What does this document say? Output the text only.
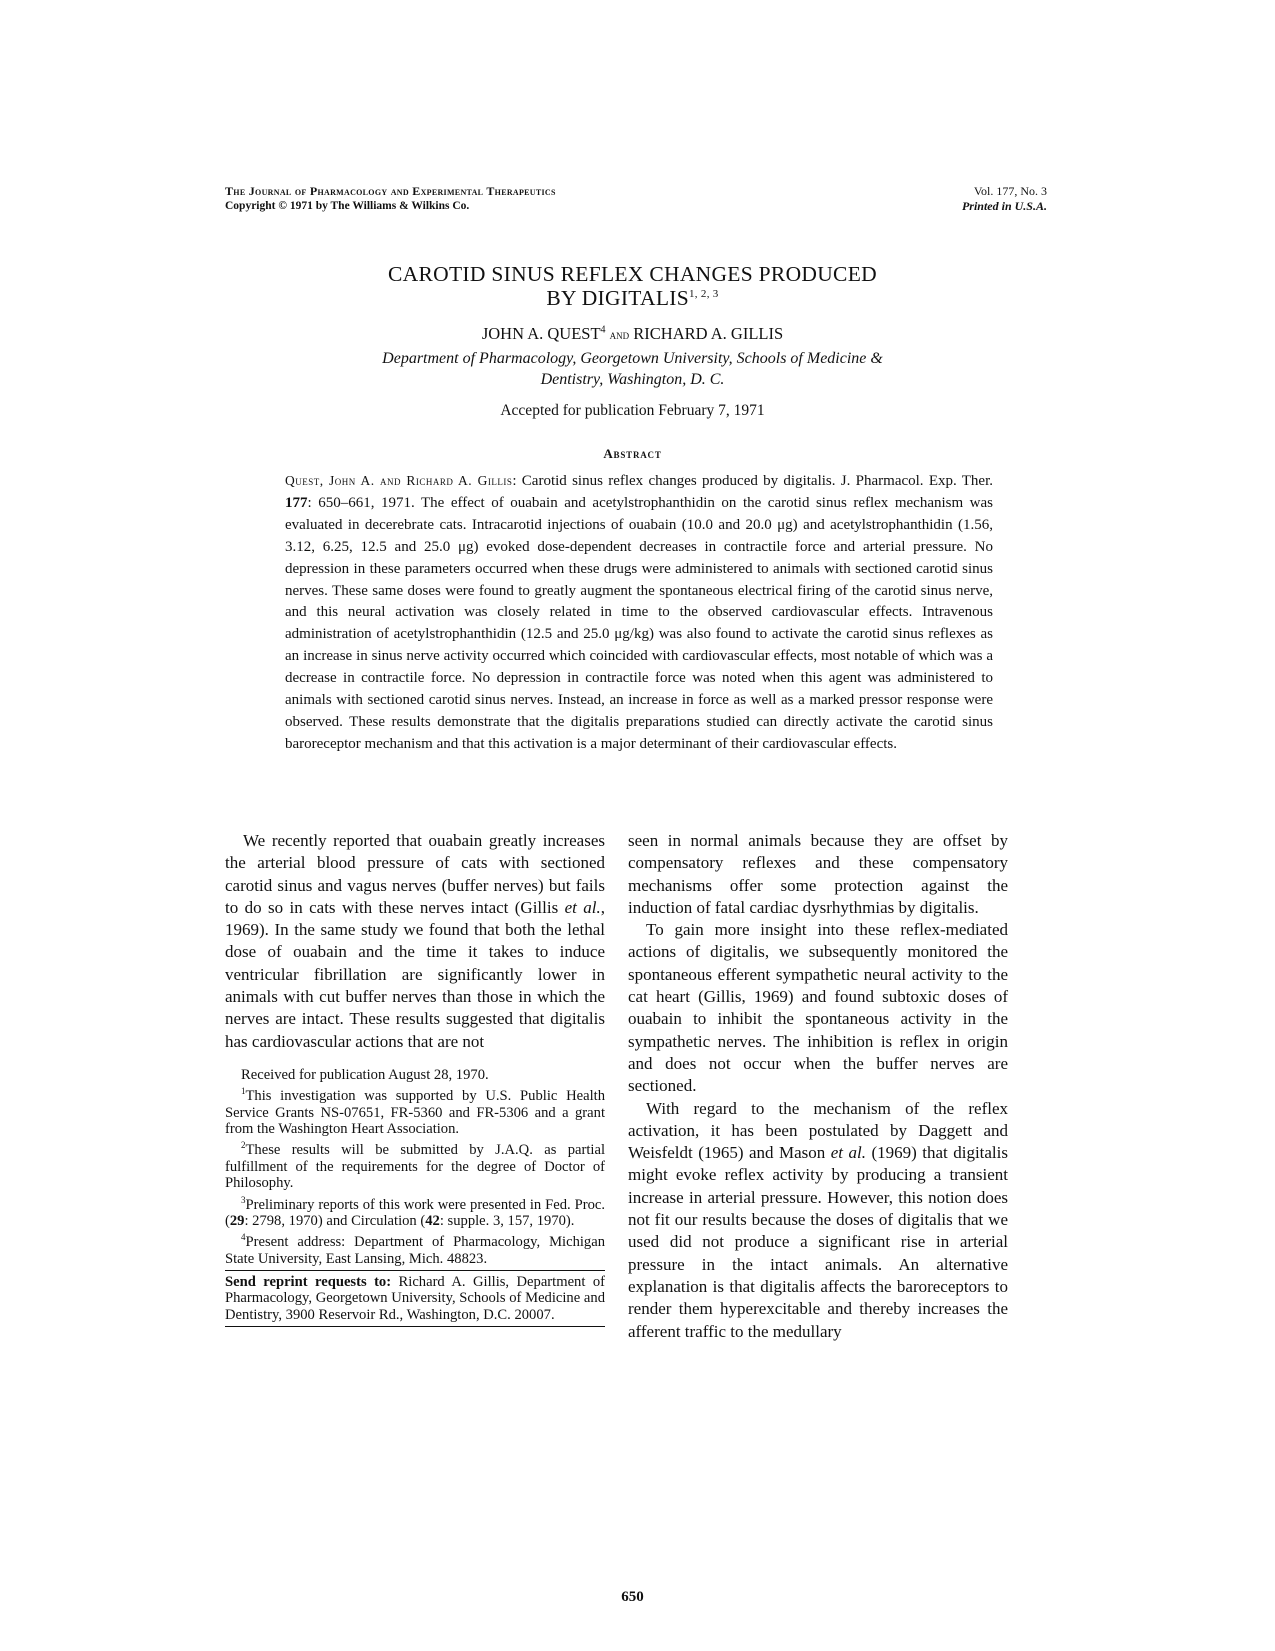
The Journal of Pharmacology and Experimental Therapeutics
Copyright © 1971 by The Williams & Wilkins Co.
Vol. 177, No. 3
Printed in U.S.A.
CAROTID SINUS REFLEX CHANGES PRODUCED
BY DIGITALIS$^{1, 2, 3}$
JOHN A. QUEST$^4$ and RICHARD A. GILLIS
Department of Pharmacology, Georgetown University, Schools of Medicine & Dentistry, Washington, D. C.
Accepted for publication February 7, 1971
Abstract
Quest, John A. and Richard A. Gillis: Carotid sinus reflex changes produced by digitalis. J. Pharmacol. Exp. Ther. 177: 650–661, 1971. The effect of ouabain and acetylstrophanthidin on the carotid sinus reflex mechanism was evaluated in decerebrate cats. Intracarotid injections of ouabain (10.0 and 20.0 μg) and acetylstrophanthidin (1.56, 3.12, 6.25, 12.5 and 25.0 μg) evoked dose-dependent decreases in contractile force and arterial pressure. No depression in these parameters occurred when these drugs were administered to animals with sectioned carotid sinus nerves. These same doses were found to greatly augment the spontaneous electrical firing of the carotid sinus nerve, and this neural activation was closely related in time to the observed cardiovascular effects. Intravenous administration of acetylstrophanthidin (12.5 and 25.0 μg/kg) was also found to activate the carotid sinus reflexes as an increase in sinus nerve activity occurred which coincided with cardiovascular effects, most notable of which was a decrease in contractile force. No depression in contractile force was noted when this agent was administered to animals with sectioned carotid sinus nerves. Instead, an increase in force as well as a marked pressor response were observed. These results demonstrate that the digitalis preparations studied can directly activate the carotid sinus baroreceptor mechanism and that this activation is a major determinant of their cardiovascular effects.

We recently reported that ouabain greatly increases the arterial blood pressure of cats with sectioned carotid sinus and vagus nerves (buffer nerves) but fails to do so in cats with these nerves intact (Gillis et al., 1969). In the same study we found that both the lethal dose of ouabain and the time it takes to induce ventricular fibrillation are significantly lower in animals with cut buffer nerves than those in which the nerves are intact. These results suggested that digitalis has cardiovascular actions that are not

seen in normal animals because they are offset by compensatory reflexes and these compensatory mechanisms offer some protection against the induction of fatal cardiac dysrhythmias by digitalis.

To gain more insight into these reflex-mediated actions of digitalis, we subsequently monitored the spontaneous efferent sympathetic neural activity to the cat heart (Gillis, 1969) and found subtoxic doses of ouabain to inhibit the spontaneous activity in the sympathetic nerves. The inhibition is reflex in origin and does not occur when the buffer nerves are sectioned.

With regard to the mechanism of the reflex activation, it has been postulated by Daggett and Weisfeldt (1965) and Mason et al. (1969) that digitalis might evoke reflex activity by producing a transient increase in arterial pressure. However, this notion does not fit our results because the doses of digitalis that we used did not produce a significant rise in arterial pressure in the intact animals. An alternative explanation is that digitalis affects the baroreceptors to render them hyperexcitable and thereby increases the afferent traffic to the medullary

Received for publication August 28, 1970.

$^1$This investigation was supported by U.S. Public Health Service Grants NS-07651, FR-5360 and FR-5306 and a grant from the Washington Heart Association.

$^2$These results will be submitted by J.A.Q. as partial fulfillment of the requirements for the degree of Doctor of Philosophy.

$^3$Preliminary reports of this work were presented in Fed. Proc. (29: 2798, 1970) and Circulation (42: supple. 3, 157, 1970).

$^4$Present address: Department of Pharmacology, Michigan State University, East Lansing, Mich. 48823.

Send reprint requests to: Richard A. Gillis, Department of Pharmacology, Georgetown University, Schools of Medicine and Dentistry, 3900 Reservoir Rd., Washington, D.C. 20007.
650
